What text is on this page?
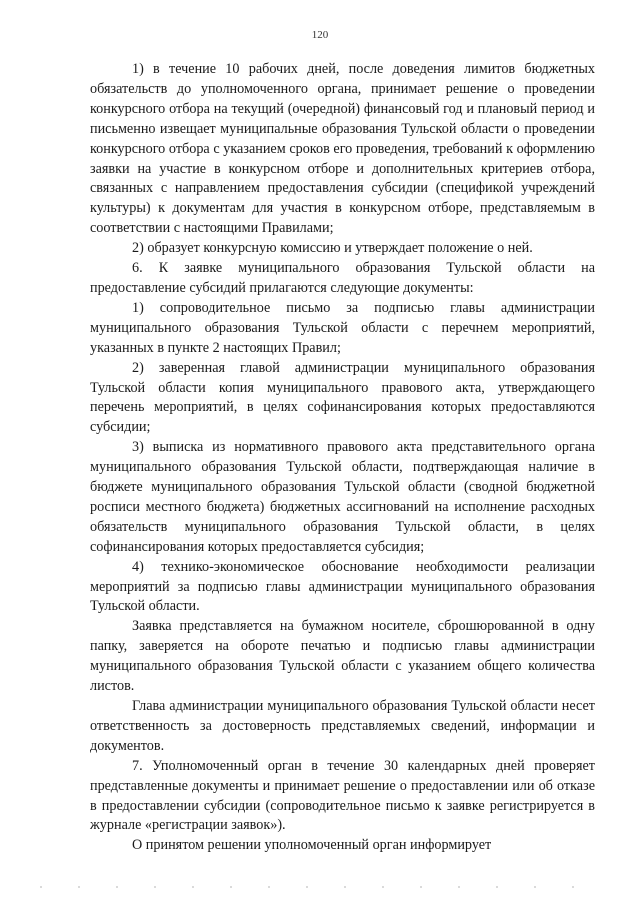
120

1) в течение 10 рабочих дней, после доведения лимитов бюджетных обязательств до уполномоченного органа, принимает решение о проведении конкурсного отбора на текущий (очередной) финансовый год и плановый период и письменно извещает муниципальные образования Тульской области о проведении конкурсного отбора с указанием сроков его проведения, требований к оформлению заявки на участие в конкурсном отборе и дополнительных критериев отбора, связанных с направлением предоставления субсидии (спецификой учреждений культуры) к документам для участия в конкурсном отборе, представляемым в соответствии с настоящими Правилами;

2) образует конкурсную комиссию и утверждает положение о ней.

6. К заявке муниципального образования Тульской области на предоставление субсидий прилагаются следующие документы:

1) сопроводительное письмо за подписью главы администрации муниципального образования Тульской области с перечнем мероприятий, указанных в пункте 2 настоящих Правил;

2) заверенная главой администрации муниципального образования Тульской области копия муниципального правового акта, утверждающего перечень мероприятий, в целях софинансирования которых предоставляются субсидии;

3) выписка из нормативного правового акта представительного органа муниципального образования Тульской области, подтверждающая наличие в бюджете муниципального образования Тульской области (сводной бюджетной росписи местного бюджета) бюджетных ассигнований на исполнение расходных обязательств муниципального образования Тульской области, в целях софинансирования которых предоставляется субсидия;

4) технико-экономическое обоснование необходимости реализации мероприятий за подписью главы администрации муниципального образования Тульской области.

Заявка представляется на бумажном носителе, сброшюрованной в одну папку, заверяется на обороте печатью и подписью главы администрации муниципального образования Тульской области с указанием общего количества листов.

Глава администрации муниципального образования Тульской области несет ответственность за достоверность представляемых сведений, информации и документов.

7. Уполномоченный орган в течение 30 календарных дней проверяет представленные документы и принимает решение о предоставлении или об отказе в предоставлении субсидии (сопроводительное письмо к заявке регистрируется в журнале «регистрации заявок»).

О принятом решении уполномоченный орган информирует
